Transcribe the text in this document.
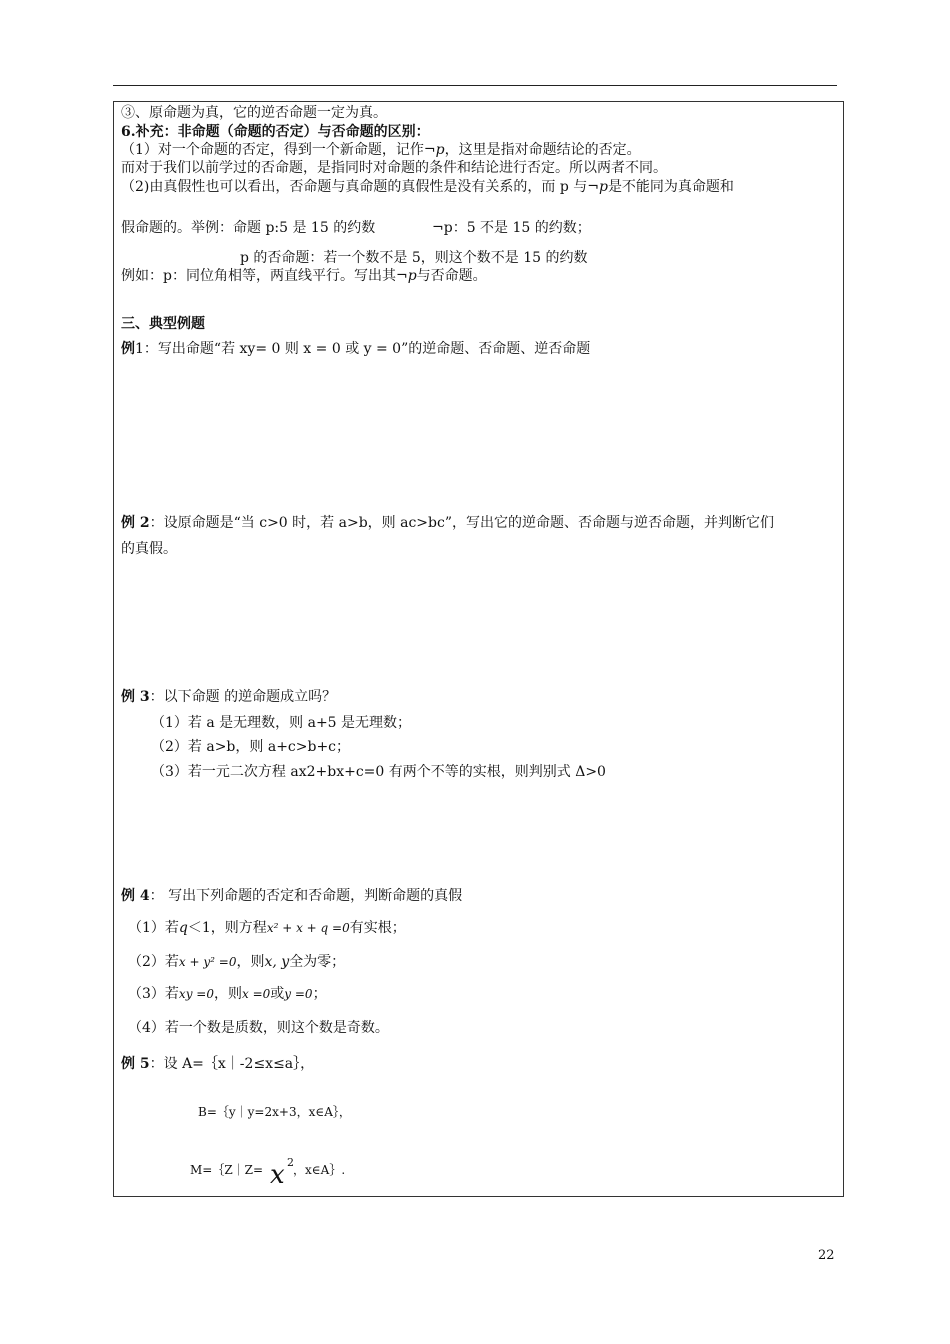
③、原命题为真，它的逆否命题一定为真。
6.补充：非命题（命题的否定）与否命题的区别：
（1）对一个命题的否定，得到一个新命题，记作¬p，这里是指对命题结论的否定。
而对于我们以前学过的否命题，是指同时对命题的条件和结论进行否定。所以两者不同。
（2)由真假性也可以看出，否命题与真命题的真假性是没有关系的，而 p 与¬p是不能同为真命题和
假命题的。举例：命题 p:5 是 15 的约数	¬p：5 不是 15 的约数；
p 的否命题：若一个数不是 5，则这个数不是 15 的约数
例如：p：同位角相等，两直线平行。写出其¬p与否命题。
三、典型例题
例1：写出命题“若 xy= 0 则 x = 0 或 y = 0”的逆命题、否命题、逆否命题
例 2：设原命题是“当 c>0 时，若 a>b，则 ac>bc”，写出它的逆命题、否命题与逆否命题，并判断它们
的真假。
例 3：以下命题 的逆命题成立吗？
（1）若 a 是无理数，则 a+5 是无理数；
（2）若 a>b，则 a+c>b+c；
（3）若一元二次方程 ax2+bx+c=0 有两个不等的实根，则判别式 Δ>0
例 4： 写出下列命题的否定和否命题，判断命题的真假
（1）若q＜1，则方程x² + x + q =0有实根；
（2）若x + y² =0，则x, y全为零；
（3）若xy =0，则x =0或y =0；
（4）若一个数是质数，则这个数是奇数。
例 5：设 A=｛x｜-2≤x≤a｝，
B=｛y｜y=2x+3，x∈A｝，
M=｛Z｜Z= x 2
，x∈A｝.
22
